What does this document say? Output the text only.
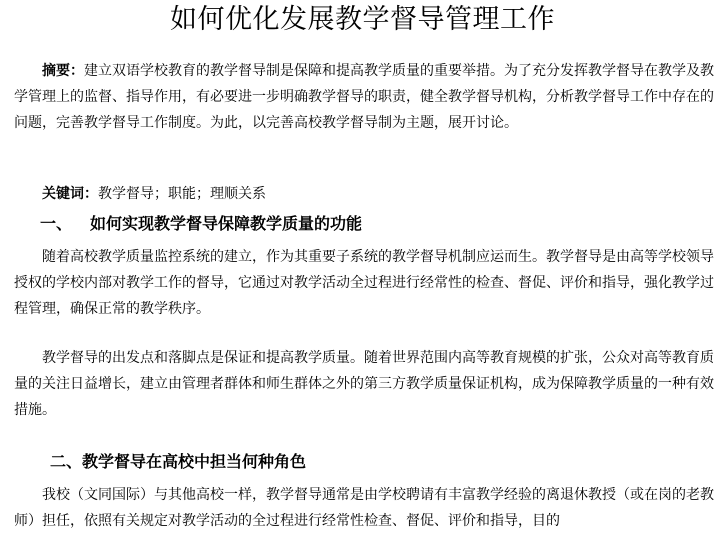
如何优化发展教学督导管理工作

摘要：建立双语学校教育的教学督导制是保障和提高教学质量的重要举措。为了充分发挥教学督导在教学及教学管理上的监督、指导作用，有必要进一步明确教学督导的职责，健全教学督导机构，分析教学督导工作中存在的问题，完善教学督导工作制度。为此，以完善高校教学督导制为主题，展开讨论。

关键词：教学督导；职能；理顺关系

一、 如何实现教学督导保障教学质量的功能

随着高校教学质量监控系统的建立，作为其重要子系统的教学督导机制应运而生。教学督导是由高等学校领导授权的学校内部对教学工作的督导，它通过对教学活动全过程进行经常性的检查、督促、评价和指导，强化教学过程管理，确保正常的教学秩序。

教学督导的出发点和落脚点是保证和提高教学质量。随着世界范围内高等教育规模的扩张，公众对高等教育质量的关注日益增长，建立由管理者群体和师生群体之外的第三方教学质量保证机构，成为保障教学质量的一种有效措施。

二、教学督导在高校中担当何种角色

我校（文同国际）与其他高校一样，教学督导通常是由学校聘请有丰富教学经验的离退休教授（或在岗的老教师）担任，依照有关规定对教学活动的全过程进行经常性检查、督促、评价和指导，目的
